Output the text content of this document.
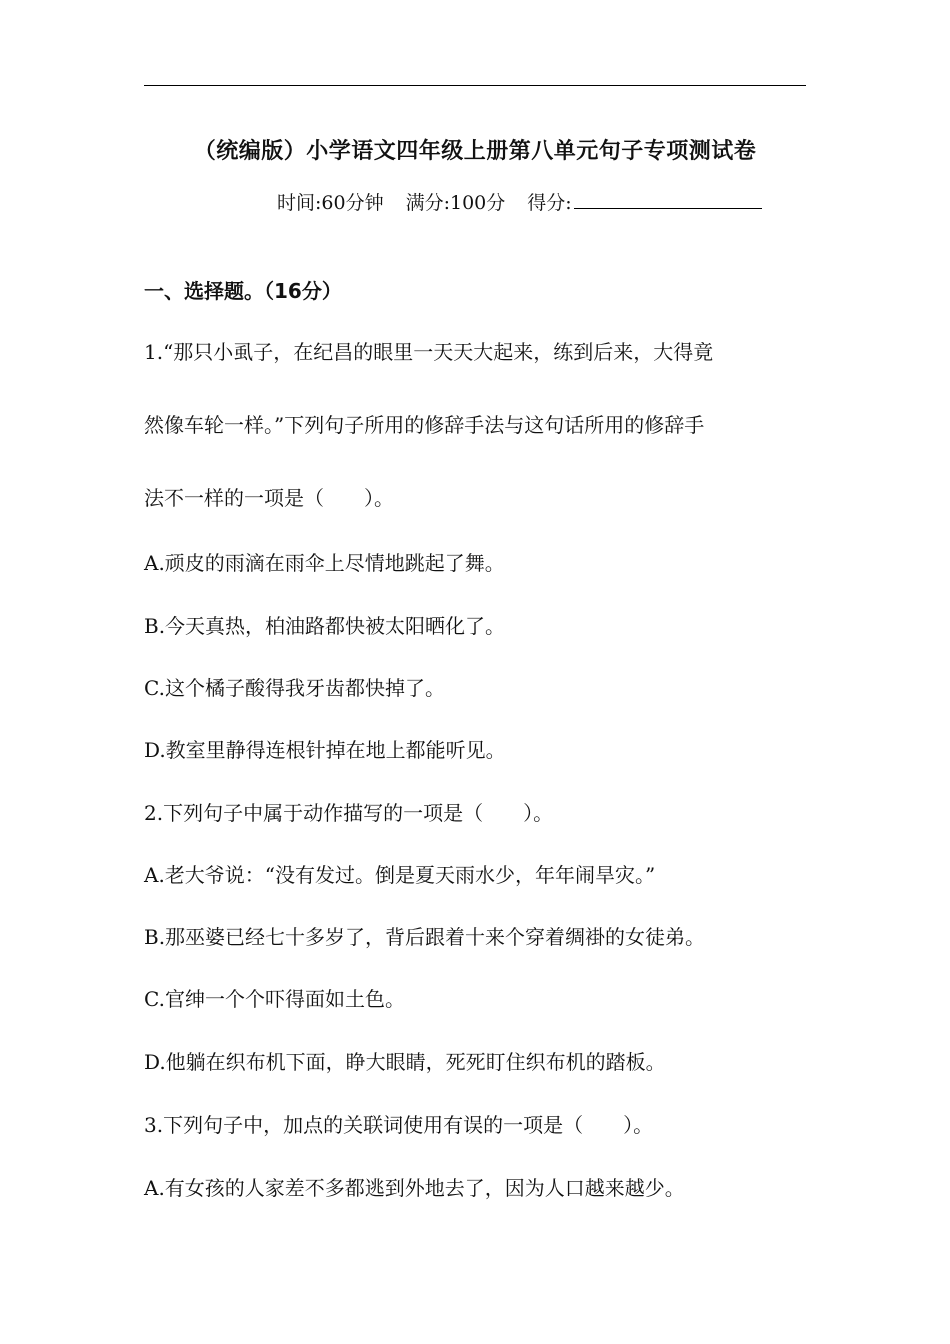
（统编版）小学语文四年级上册第八单元句子专项测试卷
时间:60分钟 满分:100分 得分:
一、选择题。（16分）
1.“那只小虱子，在纪昌的眼里一天天大起来，练到后来，大得竟
然像车轮一样。”下列句子所用的修辞手法与这句话所用的修辞手
法不一样的一项是（　　）。
A.顽皮的雨滴在雨伞上尽情地跳起了舞。
B.今天真热，柏油路都快被太阳晒化了。
C.这个橘子酸得我牙齿都快掉了。
D.教室里静得连根针掉在地上都能听见。
2.下列句子中属于动作描写的一项是（　　）。
A.老大爷说：“没有发过。倒是夏天雨水少，年年闹旱灾。”
B.那巫婆已经七十多岁了，背后跟着十来个穿着绸褂的女徒弟。
C.官绅一个个吓得面如土色。
D.他躺在织布机下面，睁大眼睛，死死盯住织布机的踏板。
3.下列句子中，加点的关联词使用有误的一项是（　　）。
A.有女孩的人家差不多都逃到外地去了，因为人口越来越少。
